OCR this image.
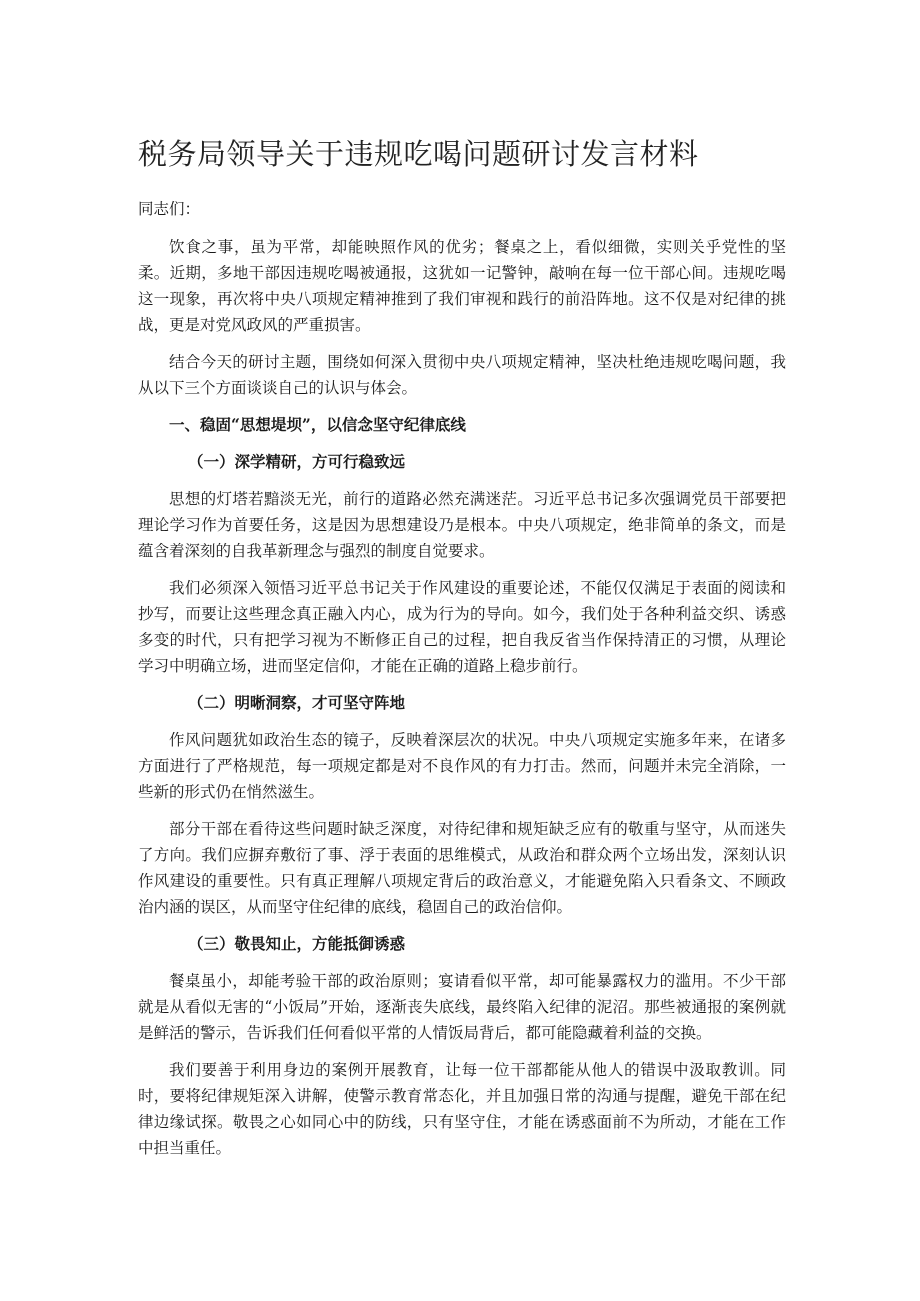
税务局领导关于违规吃喝问题研讨发言材料

同志们：

饮食之事，虽为平常，却能映照作风的优劣；餐桌之上，看似细微，实则关乎党性的坚柔。近期，多地干部因违规吃喝被通报，这犹如一记警钟，敲响在每一位干部心间。违规吃喝这一现象，再次将中央八项规定精神推到了我们审视和践行的前沿阵地。这不仅是对纪律的挑战，更是对党风政风的严重损害。

结合今天的研讨主题，围绕如何深入贯彻中央八项规定精神，坚决杜绝违规吃喝问题，我从以下三个方面谈谈自己的认识与体会。

一、稳固“思想堤坝”，以信念坚守纪律底线

（一）深学精研，方可行稳致远

思想的灯塔若黯淡无光，前行的道路必然充满迷茫。习近平总书记多次强调党员干部要把理论学习作为首要任务，这是因为思想建设乃是根本。中央八项规定，绝非简单的条文，而是蕴含着深刻的自我革新理念与强烈的制度自觉要求。

我们必须深入领悟习近平总书记关于作风建设的重要论述，不能仅仅满足于表面的阅读和抄写，而要让这些理念真正融入内心，成为行为的导向。如今，我们处于各种利益交织、诱惑多变的时代，只有把学习视为不断修正自己的过程，把自我反省当作保持清正的习惯，从理论学习中明确立场，进而坚定信仰，才能在正确的道路上稳步前行。

（二）明晰洞察，才可坚守阵地

作风问题犹如政治生态的镜子，反映着深层次的状况。中央八项规定实施多年来，在诸多方面进行了严格规范，每一项规定都是对不良作风的有力打击。然而，问题并未完全消除，一些新的形式仍在悄然滋生。

部分干部在看待这些问题时缺乏深度，对待纪律和规矩缺乏应有的敬重与坚守，从而迷失了方向。我们应摒弃敷衍了事、浮于表面的思维模式，从政治和群众两个立场出发，深刻认识作风建设的重要性。只有真正理解八项规定背后的政治意义，才能避免陷入只看条文、不顾政治内涵的误区，从而坚守住纪律的底线，稳固自己的政治信仰。

（三）敬畏知止，方能抵御诱惑

餐桌虽小，却能考验干部的政治原则；宴请看似平常，却可能暴露权力的滥用。不少干部就是从看似无害的“小饭局”开始，逐渐丧失底线，最终陷入纪律的泥沼。那些被通报的案例就是鲜活的警示，告诉我们任何看似平常的人情饭局背后，都可能隐藏着利益的交换。

我们要善于利用身边的案例开展教育，让每一位干部都能从他人的错误中汲取教训。同时，要将纪律规矩深入讲解，使警示教育常态化，并且加强日常的沟通与提醒，避免干部在纪律边缘试探。敬畏之心如同心中的防线，只有坚守住，才能在诱惑面前不为所动，才能在工作中担当重任。
